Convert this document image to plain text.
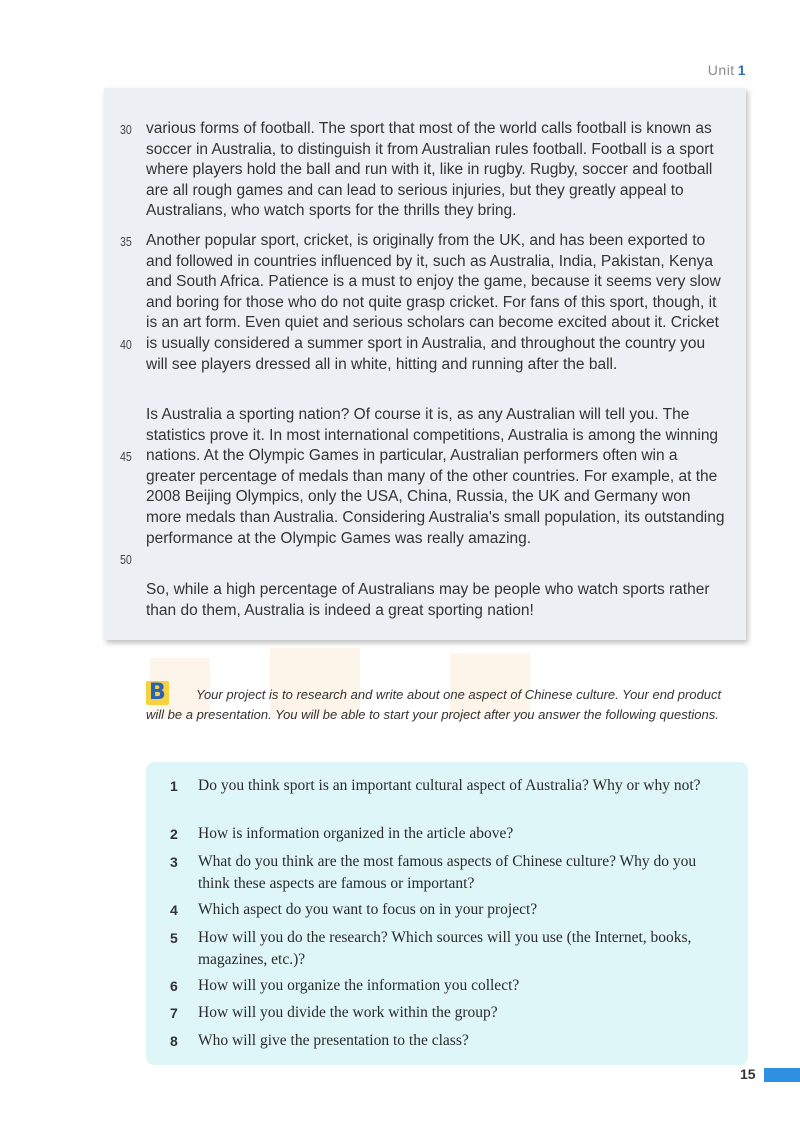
Unit 1
30
35
40
45
50

various forms of football. The sport that most of the world calls football is known as soccer in Australia, to distinguish it from Australian rules football. Football is a sport where players hold the ball and run with it, like in rugby. Rugby, soccer and football are all rough games and can lead to serious injuries, but they greatly appeal to Australians, who watch sports for the thrills they bring.

Another popular sport, cricket, is originally from the UK, and has been exported to and followed in countries influenced by it, such as Australia, India, Pakistan, Kenya and South Africa. Patience is a must to enjoy the game, because it seems very slow and boring for those who do not quite grasp cricket. For fans of this sport, though, it is an art form. Even quiet and serious scholars can become excited about it. Cricket is usually considered a summer sport in Australia, and throughout the country you will see players dressed all in white, hitting and running after the ball.

Is Australia a sporting nation? Of course it is, as any Australian will tell you. The statistics prove it. In most international competitions, Australia is among the winning nations. At the Olympic Games in particular, Australian performers often win a greater percentage of medals than many of the other countries. For example, at the 2008 Beijing Olympics, only the USA, China, Russia, the UK and Germany won more medals than Australia. Considering Australia's small population, its outstanding performance at the Olympic Games was really amazing.

So, while a high percentage of Australians may be people who watch sports rather than do them, Australia is indeed a great sporting nation!

B	Your project is to research and write about one aspect of Chinese culture. Your end product will be a presentation. You will be able to start your project after you answer the following questions.

1 Do you think sport is an important cultural aspect of Australia? Why or why not?
2 How is information organized in the article above?
3 What do you think are the most famous aspects of Chinese culture? Why do you think these aspects are famous or important?
4 Which aspect do you want to focus on in your project?
5 How will you do the research? Which sources will you use (the Internet, books, magazines, etc.)?
6 How will you organize the information you collect?
7 How will you divide the work within the group?
8 Who will give the presentation to the class?
15
